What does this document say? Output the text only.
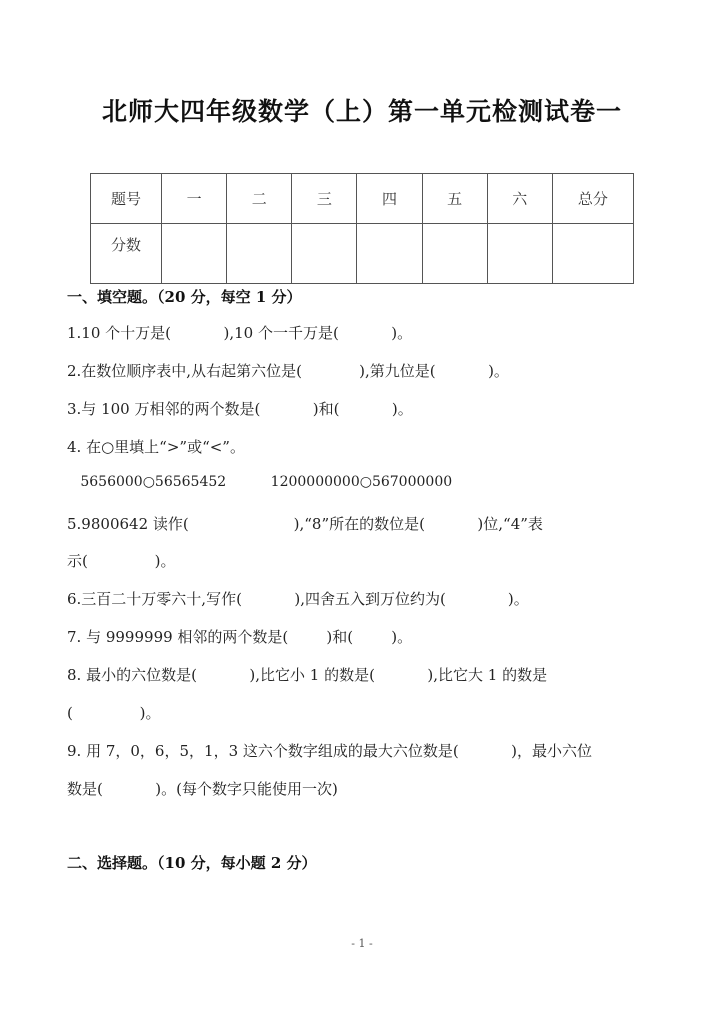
北师大四年级数学（上）第一单元检测试卷一
题号	一	二	三	四	五	六	总分
分数							
一、填空题。（20 分，每空 1 分）
1.10 个十万是(           ),10 个一千万是(           )。
2.在数位顺序表中,从右起第六位是(            ),第九位是(           )。
3.与 100 万相邻的两个数是(           )和(           )。
4. 在○里填上“>”或“<”。
5656000○56565452          1200000000○567000000
5.9800642 读作(                      ),“8”所在的数位是(           )位,“4”表
示(              )。
6.三百二十万零六十,写作(           ),四舍五入到万位约为(             )。
7. 与 9999999 相邻的两个数是(        )和(        )。
8. 最小的六位数是(           ),比它小 1 的数是(           ),比它大 1 的数是
(              )。
9. 用 7，0，6，5，1，3 这六个数字组成的最大六位数是(           )，最小六位
数是(           )。(每个数字只能使用一次)
二、选择题。（10 分，每小题 2 分）
- 1 -
